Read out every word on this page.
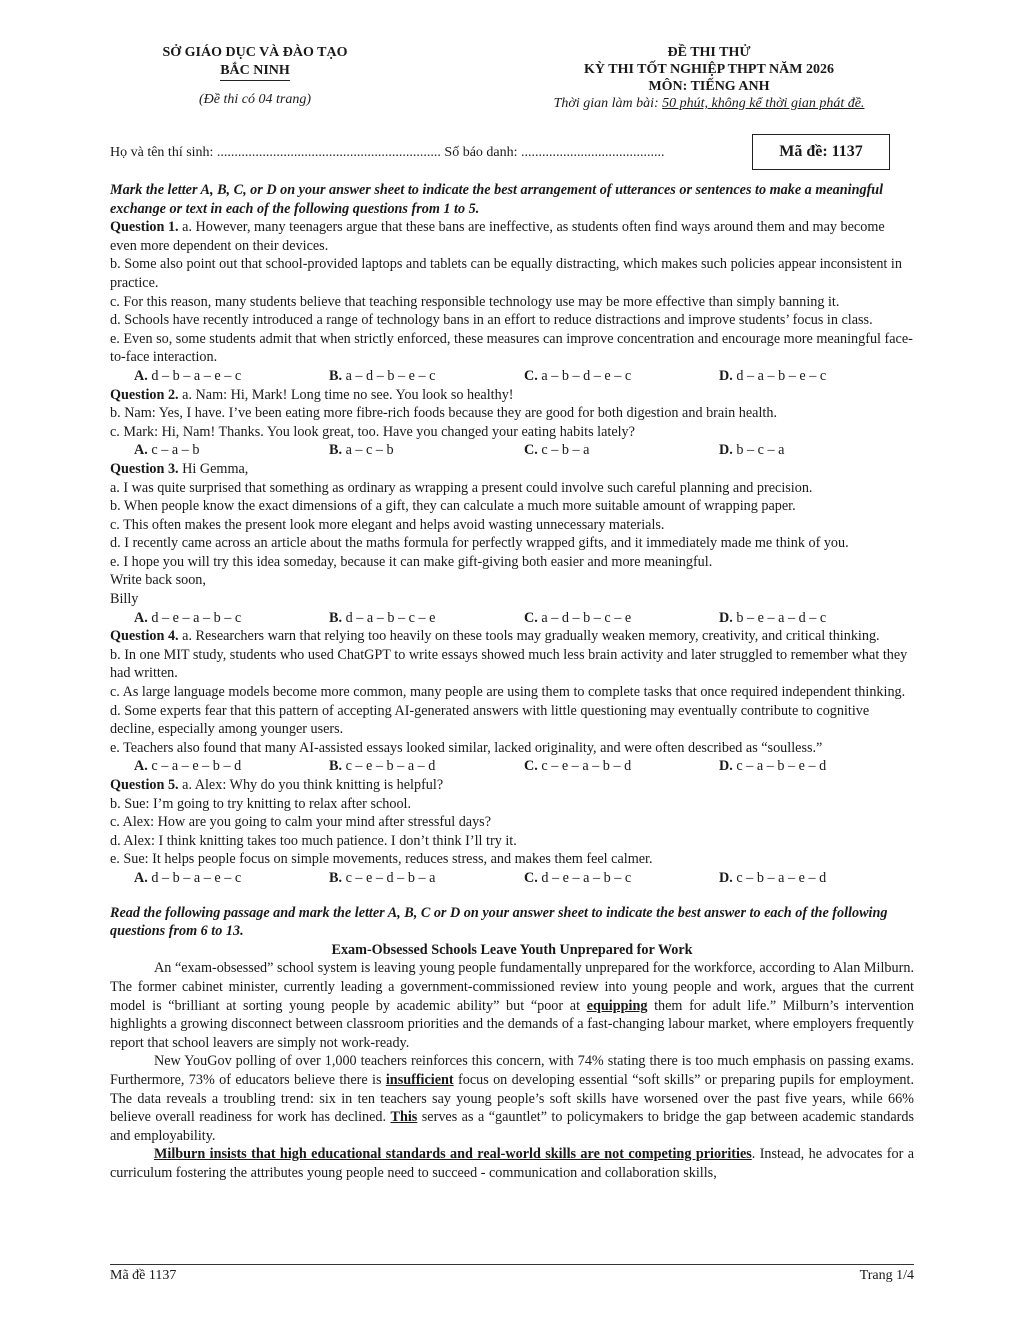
SỞ GIÁO DỤC VÀ ĐÀO TẠO
BẮC NINH
(Đề thi có 04 trang)
ĐỀ THI THỬ
KỲ THI TỐT NGHIỆP THPT NĂM 2026
MÔN: TIẾNG ANH
Thời gian làm bài: 50 phút, không kể thời gian phát đề.
Họ và tên thí sinh: ................................................................ Số báo danh: .........................................	Mã đề: 1137

Mark the letter A, B, C, or D on your answer sheet to indicate the best arrangement of utterances or sentences to make a meaningful exchange or text in each of the following questions from 1 to 5.

Question 1. a. However, many teenagers argue that these bans are ineffective, as students often find ways around them and may become even more dependent on their devices.

b. Some also point out that school-provided laptops and tablets can be equally distracting, which makes such policies appear inconsistent in practice.

c. For this reason, many students believe that teaching responsible technology use may be more effective than simply banning it.

d. Schools have recently introduced a range of technology bans in an effort to reduce distractions and improve students’ focus in class.

e. Even so, some students admit that when strictly enforced, these measures can improve concentration and encourage more meaningful face-to-face interaction.

A. d – b – a – e – c	B. a – d – b – e – c	C. a – b – d – e – c	D. d – a – b – e – c

Question 2. a. Nam: Hi, Mark! Long time no see. You look so healthy!

b. Nam: Yes, I have. I’ve been eating more fibre-rich foods because they are good for both digestion and brain health.

c. Mark: Hi, Nam! Thanks. You look great, too. Have you changed your eating habits lately?

A. c – a – b	B. a – c – b	C. c – b – a	D. b – c – a

Question 3. Hi Gemma,

a. I was quite surprised that something as ordinary as wrapping a present could involve such careful planning and precision.

b. When people know the exact dimensions of a gift, they can calculate a much more suitable amount of wrapping paper.

c. This often makes the present look more elegant and helps avoid wasting unnecessary materials.

d. I recently came across an article about the maths formula for perfectly wrapped gifts, and it immediately made me think of you.

e. I hope you will try this idea someday, because it can make gift-giving both easier and more meaningful.

Write back soon,

Billy

A. d – e – a – b – c	B. d – a – b – c – e	C. a – d – b – c – e	D. b – e – a – d – c

Question 4. a. Researchers warn that relying too heavily on these tools may gradually weaken memory, creativity, and critical thinking.

b. In one MIT study, students who used ChatGPT to write essays showed much less brain activity and later struggled to remember what they had written.

c. As large language models become more common, many people are using them to complete tasks that once required independent thinking.

d. Some experts fear that this pattern of accepting AI-generated answers with little questioning may eventually contribute to cognitive decline, especially among younger users.

e. Teachers also found that many AI-assisted essays looked similar, lacked originality, and were often described as “soulless.”

A. c – a – e – b – d	B. c – e – b – a – d	C. c – e – a – b – d	D. c – a – b – e – d

Question 5. a. Alex: Why do you think knitting is helpful?

b. Sue: I’m going to try knitting to relax after school.

c. Alex: How are you going to calm your mind after stressful days?

d. Alex: I think knitting takes too much patience. I don’t think I’ll try it.

e. Sue: It helps people focus on simple movements, reduces stress, and makes them feel calmer.

A. d – b – a – e – c	B. c – e – d – b – a	C. d – e – a – b – c	D. c – b – a – e – d

Read the following passage and mark the letter A, B, C or D on your answer sheet to indicate the best answer to each of the following questions from 6 to 13.

Exam-Obsessed Schools Leave Youth Unprepared for Work

An “exam-obsessed” school system is leaving young people fundamentally unprepared for the workforce, according to Alan Milburn. The former cabinet minister, currently leading a government-commissioned review into young people and work, argues that the current model is “brilliant at sorting young people by academic ability” but “poor at equipping them for adult life.” Milburn’s intervention highlights a growing disconnect between classroom priorities and the demands of a fast-changing labour market, where employers frequently report that school leavers are simply not work-ready.

New YouGov polling of over 1,000 teachers reinforces this concern, with 74% stating there is too much emphasis on passing exams. Furthermore, 73% of educators believe there is insufficient focus on developing essential “soft skills” or preparing pupils for employment. The data reveals a troubling trend: six in ten teachers say young people’s soft skills have worsened over the past five years, while 66% believe overall readiness for work has declined. This serves as a “gauntlet” to policymakers to bridge the gap between academic standards and employability.

Milburn insists that high educational standards and real-world skills are not competing priorities. Instead, he advocates for a curriculum fostering the attributes young people need to succeed - communication and collaboration skills,

Mã đề 1137	Trang 1/4
